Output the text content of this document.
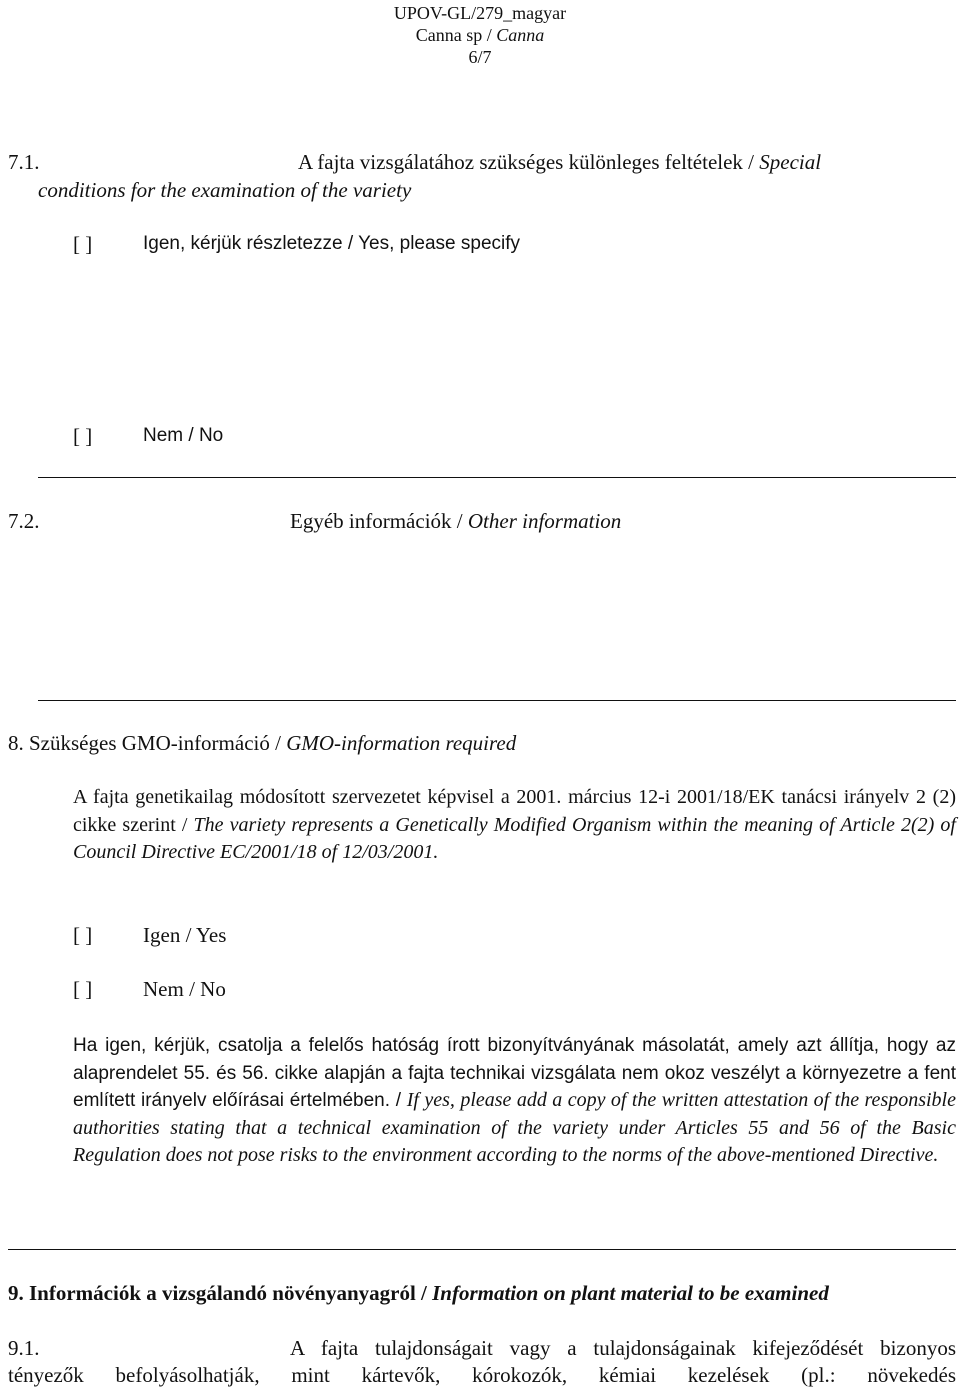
UPOV-GL/279_magyar
Canna sp / Canna
6/7
7.1.	A fajta vizsgálatához szükséges különleges feltételek / Special
conditions for the examination of the variety
[ ]	Igen, kérjük részletezze / Yes, please specify
[ ]	Nem / No
7.2.	Egyéb információk / Other information
8. Szükséges GMO-információ / GMO-information required
A fajta genetikailag módosított szervezetet képvisel a 2001. március 12-i 2001/18/EK tanácsi irányelv 2 (2) cikke szerint / The variety represents a Genetically Modified Organism within the meaning of Article 2(2) of Council Directive EC/2001/18 of 12/03/2001.
[ ] Igen / Yes
[ ] Nem / No
Ha igen, kérjük, csatolja a felelős hatóság írott bizonyítványának másolatát, amely azt állítja, hogy az alaprendelet 55. és 56. cikke alapján a fajta technikai vizsgálata nem okoz veszélyt a környezetre a fent említett irányelv előírásai értelmében. / If yes, please add a copy of the written attestation of the responsible authorities stating that a technical examination of the variety under Articles 55 and 56 of the Basic Regulation does not pose risks to the environment according to the norms of the above-mentioned Directive.
9. Információk a vizsgálandó növényanyagról / Information on plant material to be examined
9.1.	A fajta tulajdonságait vagy a tulajdonságainak kifejeződését bizonyos
tényezők befolyásolhatják, mint kártevők, kórokozók, kémiai kezelések (pl.: növekedés
